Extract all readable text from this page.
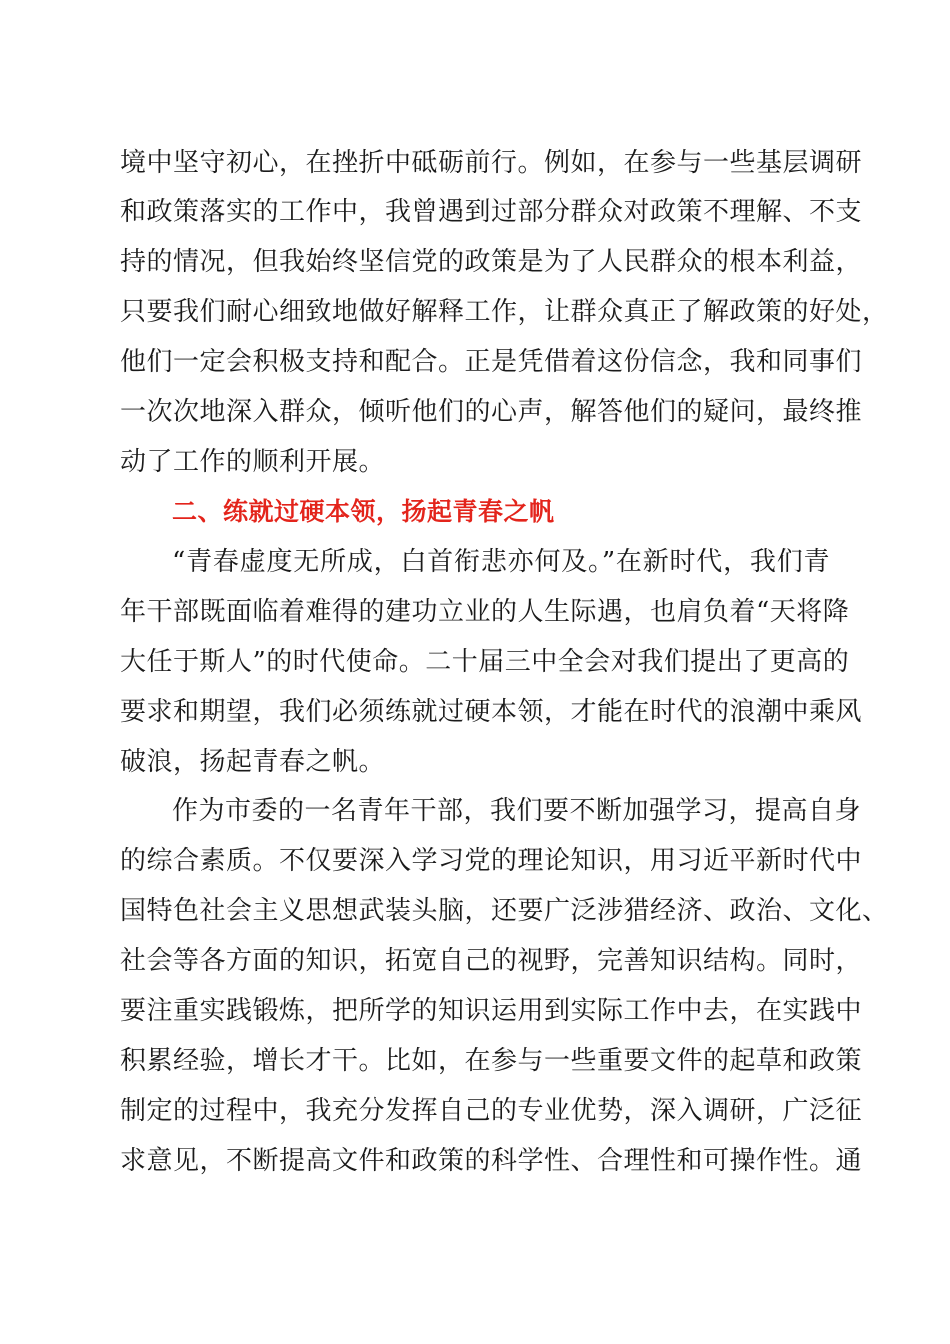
境中坚守初心，在挫折中砥砺前行。例如，在参与一些基层调研
和政策落实的工作中，我曾遇到过部分群众对政策不理解、不支
持的情况，但我始终坚信党的政策是为了人民群众的根本利益，
只要我们耐心细致地做好解释工作，让群众真正了解政策的好处，
他们一定会积极支持和配合。正是凭借着这份信念，我和同事们
一次次地深入群众，倾听他们的心声，解答他们的疑问，最终推
动了工作的顺利开展。
二、练就过硬本领，扬起青春之帆
“青春虚度无所成，白首衔悲亦何及。”在新时代，我们青
年干部既面临着难得的建功立业的人生际遇，也肩负着“天将降
大任于斯人”的时代使命。二十届三中全会对我们提出了更高的
要求和期望，我们必须练就过硬本领，才能在时代的浪潮中乘风
破浪，扬起青春之帆。
作为市委的一名青年干部，我们要不断加强学习，提高自身
的综合素质。不仅要深入学习党的理论知识，用习近平新时代中
国特色社会主义思想武装头脑，还要广泛涉猎经济、政治、文化、
社会等各方面的知识，拓宽自己的视野，完善知识结构。同时，
要注重实践锻炼，把所学的知识运用到实际工作中去，在实践中
积累经验，增长才干。比如，在参与一些重要文件的起草和政策
制定的过程中，我充分发挥自己的专业优势，深入调研，广泛征
求意见，不断提高文件和政策的科学性、合理性和可操作性。通
